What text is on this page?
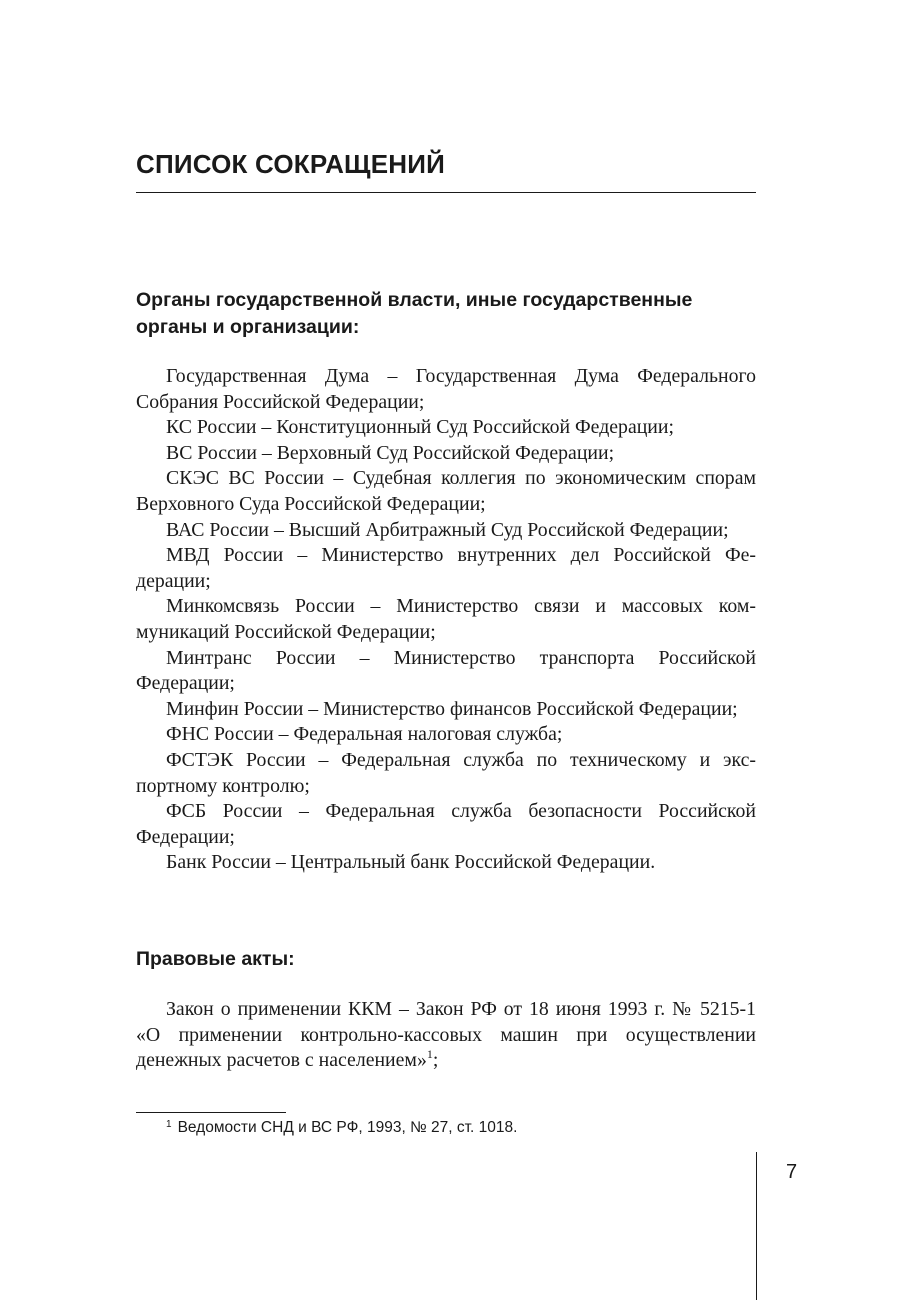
СПИСОК СОКРАЩЕНИЙ
Органы государственной власти, иные государственные органы и организации:

Государственная Дума – Государственная Дума Федерального Собрания Российской Федерации;

КС России – Конституционный Суд Российской Федерации;

ВС России – Верховный Суд Российской Федерации;

СКЭС ВС России – Судебная коллегия по экономическим спорам Верховного Суда Российской Федерации;

ВАС России – Высший Арбитражный Суд Российской Федерации;

МВД России – Министерство внутренних дел Российской Федерации;

Минкомсвязь России – Министерство связи и массовых коммуникаций Российской Федерации;

Минтранс России – Министерство транспорта Российской Федерации;

Минфин России – Министерство финансов Российской Федерации;

ФНС России – Федеральная налоговая служба;

ФСТЭК России – Федеральная служба по техническому и экспортному контролю;

ФСБ России – Федеральная служба безопасности Российской Федерации;

Банк России – Центральный банк Российской Федерации.

Правовые акты:

Закон о применении ККМ – Закон РФ от 18 июня 1993 г. № 5215-1 «О применении контрольно-кассовых машин при осуществлении денежных расчетов с населением»$^1$;

$^1$ Ведомости СНД и ВС РФ, 1993, № 27, ст. 1018.

7
